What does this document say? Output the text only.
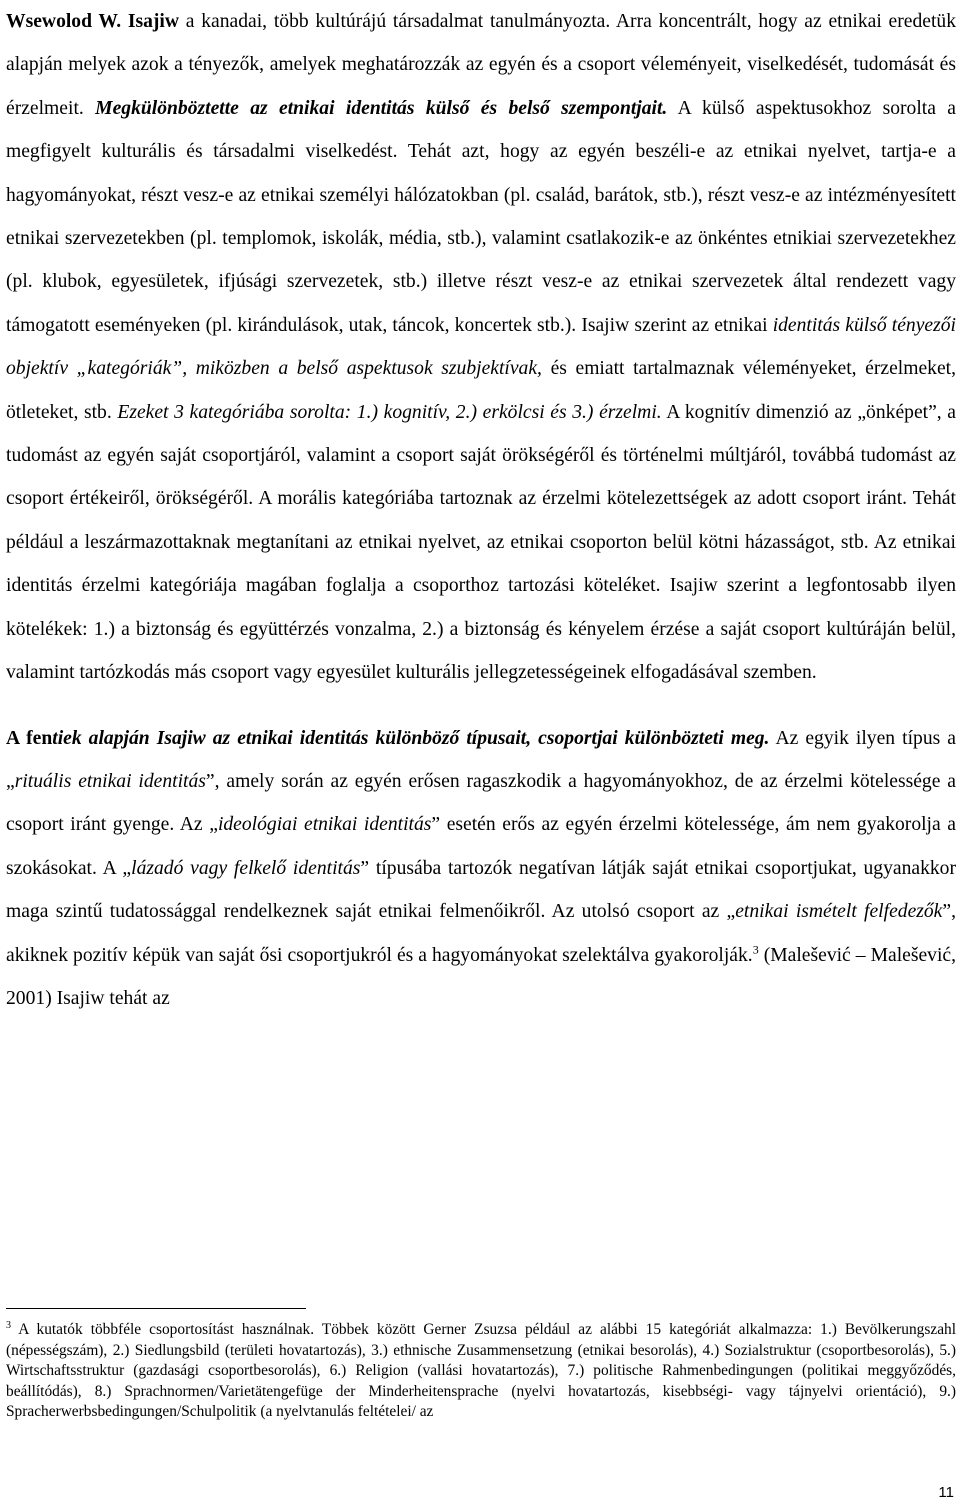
Wsewolod W. Isajiw a kanadai, több kultúrájú társadalmat tanulmányozta. Arra koncentrált, hogy az etnikai eredetük alapján melyek azok a tényezők, amelyek meghatározzák az egyén és a csoport véleményeit, viselkedését, tudomását és érzelmeit. Megkülönböztette az etnikai identitás külső és belső szempontjait. A külső aspektusokhoz sorolta a megfigyelt kulturális és társadalmi viselkedést. Tehát azt, hogy az egyén beszéli-e az etnikai nyelvet, tartja-e a hagyományokat, részt vesz-e az etnikai személyi hálózatokban (pl. család, barátok, stb.), részt vesz-e az intézményesített etnikai szervezetekben (pl. templomok, iskolák, média, stb.), valamint csatlakozik-e az önkéntes etnikiai szervezetekhez (pl. klubok, egyesületek, ifjúsági szervezetek, stb.) illetve részt vesz-e az etnikai szervezetek által rendezett vagy támogatott eseményeken (pl. kirándulások, utak, táncok, koncertek stb.). Isajiw szerint az etnikai identitás külső tényezői objektív „kategóriák”, miközben a belső aspektusok szubjektívak, és emiatt tartalmaznak véleményeket, érzelmeket, ötleteket, stb. Ezeket 3 kategóriába sorolta: 1.) kognitív, 2.) erkölcsi és 3.) érzelmi. A kognitív dimenzió az „önképet”, a tudomást az egyén saját csoportjáról, valamint a csoport saját örökségéről és történelmi múltjáról, továbbá tudomást az csoport értékeiről, örökségéről. A morális kategóriába tartoznak az érzelmi kötelezettségek az adott csoport iránt. Tehát például a leszármazottaknak megtanítani az etnikai nyelvet, az etnikai csoporton belül kötni házasságot, stb. Az etnikai identitás érzelmi kategóriája magában foglalja a csoporthoz tartozási köteléket. Isajiw szerint a legfontosabb ilyen kötelékek: 1.) a biztonság és együttérzés vonzalma, 2.) a biztonság és kényelem érzése a saját csoport kultúráján belül, valamint tartózkodás más csoport vagy egyesület kulturális jellegzetességeinek elfogadásával szemben.

A fentiek alapján Isajiw az etnikai identitás különböző típusait, csoportjai különbözteti meg. Az egyik ilyen típus a „rituális etnikai identitás”, amely során az egyén erősen ragaszkodik a hagyományokhoz, de az érzelmi kötelessége a csoport iránt gyenge. Az „ideológiai etnikai identitás” esetén erős az egyén érzelmi kötelessége, ám nem gyakorolja a szokásokat. A „lázadó vagy felkelő identitás” típusába tartozók negatívan látják saját etnikai csoportjukat, ugyanakkor maga szintű tudatossággal rendelkeznek saját etnikai felmenőikről. Az utolsó csoport az „etnikai ismételt felfedezők”, akiknek pozitív képük van saját ősi csoportjukról és a hagyományokat szelektálva gyakorolják.$^3$ (Malešević – Malešević, 2001) Isajiw tehát az

$^3$ A kutatók többféle csoportosítást használnak. Többek között Gerner Zsuzsa például az alábbi 15 kategóriát alkalmazza: 1.) Bevölkerungszahl (népességszám), 2.) Siedlungsbild (területi hovatartozás), 3.) ethnische Zusammensetzung (etnikai besorolás), 4.) Sozialstruktur (csoportbesorolás), 5.) Wirtschaftsstruktur (gazdasági csoportbesorolás), 6.) Religion (vallási hovatartozás), 7.) politische Rahmenbedingungen (politikai meggyőződés, beállítódás), 8.) Sprachnormen/Varietätengefüge der Minderheitensprache (nyelvi hovatartozás, kisebbségi- vagy tájnyelvi orientáció), 9.) Spracherwerbsbedingungen/Schulpolitik (a nyelvtanulás feltételei/ az

11
